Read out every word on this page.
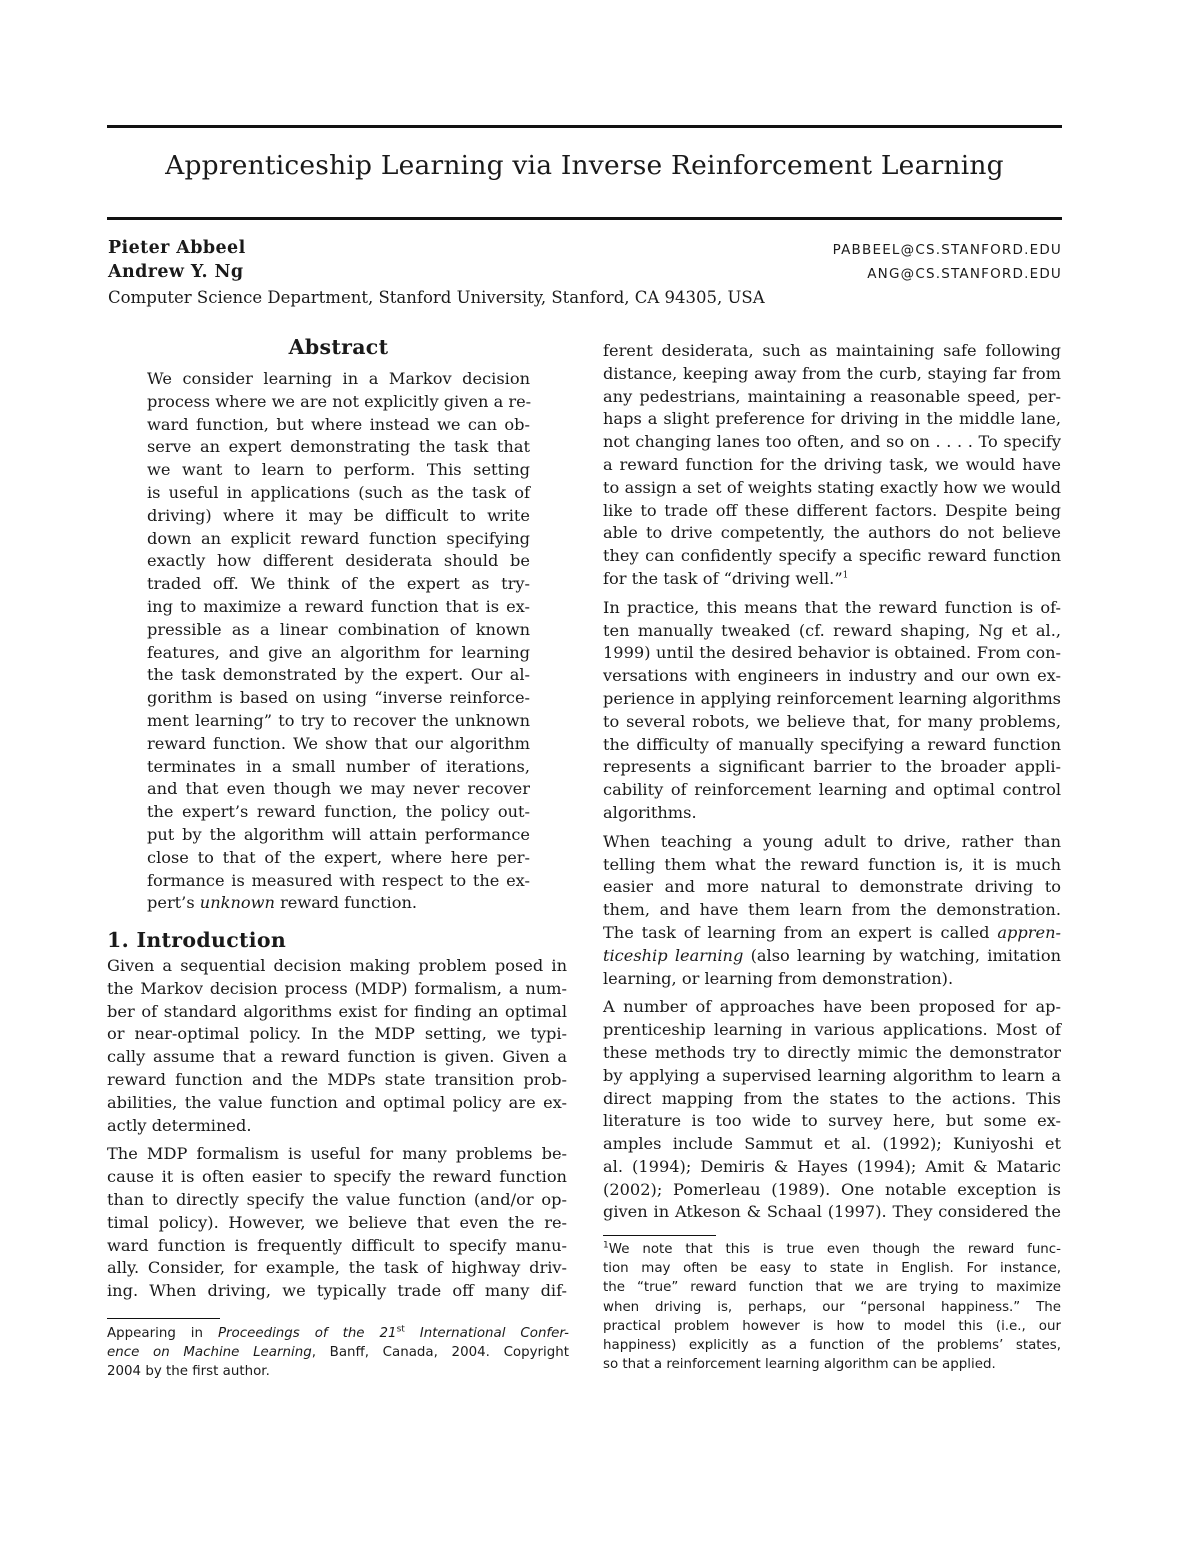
Apprenticeship Learning via Inverse Reinforcement Learning
Pieter Abbeel	PABBEEL@CS.STANFORD.EDU
Andrew Y. Ng	ANG@CS.STANFORD.EDU
Computer Science Department, Stanford University, Stanford, CA 94305, USA
Abstract
We consider learning in a Markov decision
process where we are not explicitly given a re-
ward function, but where instead we can ob-
serve an expert demonstrating the task that
we want to learn to perform. This setting
is useful in applications (such as the task of
driving) where it may be difficult to write
down an explicit reward function specifying
exactly how different desiderata should be
traded off. We think of the expert as try-
ing to maximize a reward function that is ex-
pressible as a linear combination of known
features, and give an algorithm for learning
the task demonstrated by the expert. Our al-
gorithm is based on using “inverse reinforce-
ment learning” to try to recover the unknown
reward function. We show that our algorithm
terminates in a small number of iterations,
and that even though we may never recover
the expert’s reward function, the policy out-
put by the algorithm will attain performance
close to that of the expert, where here per-
formance is measured with respect to the ex-
pert’s unknown reward function.
1. Introduction
Given a sequential decision making problem posed in
the Markov decision process (MDP) formalism, a num-
ber of standard algorithms exist for finding an optimal
or near-optimal policy. In the MDP setting, we typi-
cally assume that a reward function is given. Given a
reward function and the MDPs state transition prob-
abilities, the value function and optimal policy are ex-
actly determined.
The MDP formalism is useful for many problems be-
cause it is often easier to specify the reward function
than to directly specify the value function (and/or op-
timal policy). However, we believe that even the re-
ward function is frequently difficult to specify manu-
ally. Consider, for example, the task of highway driv-
ing. When driving, we typically trade off many dif-
Appearing in Proceedings of the 21st International Confer-
ence on Machine Learning, Banff, Canada, 2004. Copyright
2004 by the first author.
ferent desiderata, such as maintaining safe following
distance, keeping away from the curb, staying far from
any pedestrians, maintaining a reasonable speed, per-
haps a slight preference for driving in the middle lane,
not changing lanes too often, and so on . . . . To specify
a reward function for the driving task, we would have
to assign a set of weights stating exactly how we would
like to trade off these different factors. Despite being
able to drive competently, the authors do not believe
they can confidently specify a specific reward function
for the task of “driving well.”$^1$
In practice, this means that the reward function is of-
ten manually tweaked (cf. reward shaping, Ng et al.,
1999) until the desired behavior is obtained. From con-
versations with engineers in industry and our own ex-
perience in applying reinforcement learning algorithms
to several robots, we believe that, for many problems,
the difficulty of manually specifying a reward function
represents a significant barrier to the broader appli-
cability of reinforcement learning and optimal control
algorithms.
When teaching a young adult to drive, rather than
telling them what the reward function is, it is much
easier and more natural to demonstrate driving to
them, and have them learn from the demonstration.
The task of learning from an expert is called appren-
ticeship learning (also learning by watching, imitation
learning, or learning from demonstration).
A number of approaches have been proposed for ap-
prenticeship learning in various applications. Most of
these methods try to directly mimic the demonstrator
by applying a supervised learning algorithm to learn a
direct mapping from the states to the actions. This
literature is too wide to survey here, but some ex-
amples include Sammut et al. (1992); Kuniyoshi et
al. (1994); Demiris & Hayes (1994); Amit & Mataric
(2002); Pomerleau (1989). One notable exception is
given in Atkeson & Schaal (1997). They considered the
$^1$We note that this is true even though the reward func-
tion may often be easy to state in English. For instance,
the “true” reward function that we are trying to maximize
when driving is, perhaps, our “personal happiness.” The
practical problem however is how to model this (i.e., our
happiness) explicitly as a function of the problems’ states,
so that a reinforcement learning algorithm can be applied.
